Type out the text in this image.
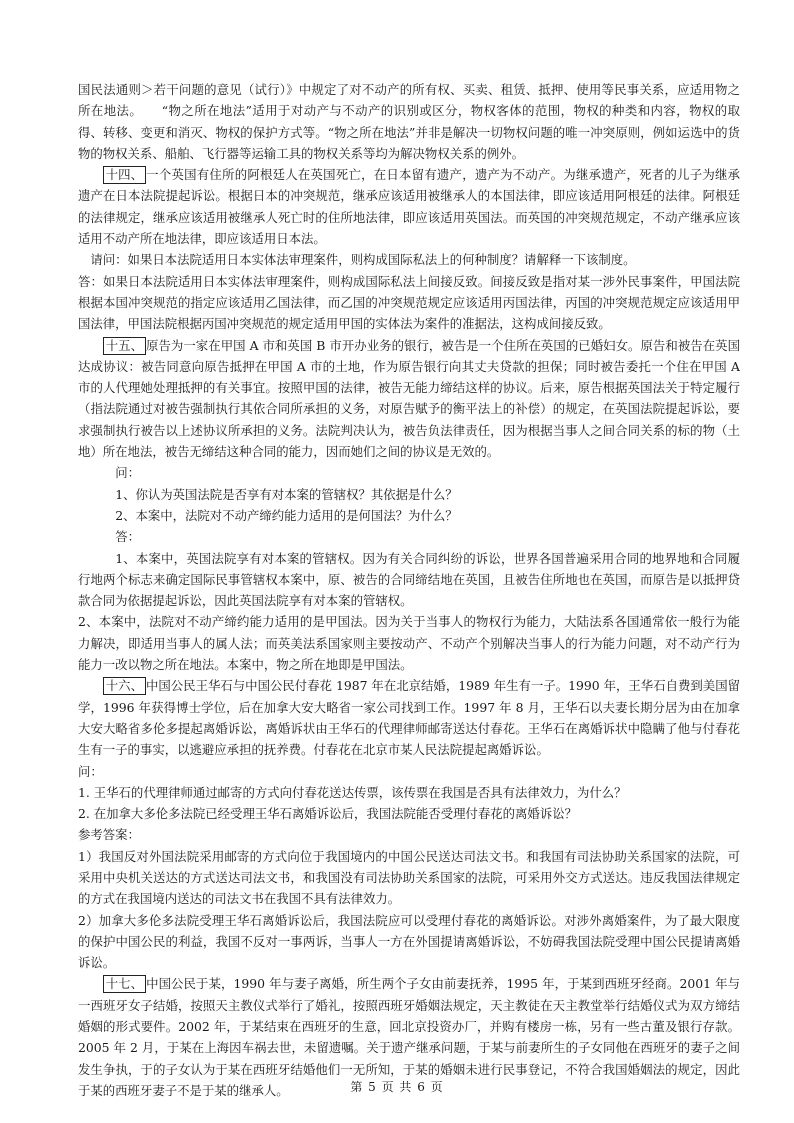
国民法通则＞若干问题的意见（试行）》中规定了对不动产的所有权、买卖、租赁、抵押、使用等民事关系，应适用物之所在地法。　　“物之所在地法”适用于对动产与不动产的识别或区分，物权客体的范围，物权的种类和内容，物权的取得、转移、变更和消灭、物权的保护方式等。“物之所在地法”并非是解决一切物权问题的唯一冲突原则，例如运选中的货物的物权关系、船舶、飞行器等运输工具的物权关系等均为解决物权关系的例外。

十四、 一个英国有住所的阿根廷人在英国死亡，在日本留有遗产，遗产为不动产。为继承遗产，死者的儿子为继承遗产在日本法院提起诉讼。根据日本的冲突规范，继承应该适用被继承人的本国法律，即应该适用阿根廷的法律。阿根廷的法律规定，继承应该适用被继承人死亡时的住所地法律，即应该适用英国法。而英国的冲突规范规定，不动产继承应该适用不动产所在地法律，即应该适用日本法。

请问：如果日本法院适用日本实体法审理案件，则构成国际私法上的何种制度？请解释一下该制度。

答：如果日本法院适用日本实体法审理案件，则构成国际私法上间接反致。间接反致是指对某一涉外民事案件，甲国法院根据本国冲突规范的指定应该适用乙国法律，而乙国的冲突规范规定应该适用丙国法律，丙国的冲突规范规定应该适用甲国法律，甲国法院根据丙国冲突规范的规定适用甲国的实体法为案件的准据法，这构成间接反致。

十五、 原告为一家在甲国 A 市和英国 B 市开办业务的银行，被告是一个住所在英国的已婚妇女。原告和被告在英国达成协议：被告同意向原告抵押在甲国 A 市的土地，作为原告银行向其丈夫贷款的担保；同时被告委托一个住在甲国 A 市的人代理她处理抵押的有关事宜。按照甲国的法律，被告无能力缔结这样的协议。后来，原告根据英国法关于特定履行（指法院通过对被告强制执行其依合同所承担的义务，对原告赋予的衡平法上的补偿）的规定，在英国法院提起诉讼，要求强制执行被告以上述协议所承担的义务。法院判决认为，被告负法律责任，因为根据当事人之间合同关系的标的物（土地）所在地法，被告无缔结这种合同的能力，因而她们之间的协议是无效的。

问：

1、你认为英国法院是否享有对本案的管辖权？其依据是什么？

2、本案中，法院对不动产缔约能力适用的是何国法？为什么？

答：

1、本案中，英国法院享有对本案的管辖权。因为有关合同纠纷的诉讼，世界各国普遍采用合同的地界地和合同履行地两个标志来确定国际民事管辖权本案中，原、被告的合同缔结地在英国，且被告住所地也在英国，而原告是以抵押贷款合同为依据提起诉讼，因此英国法院享有对本案的管辖权。

2、本案中，法院对不动产缔约能力适用的是甲国法。因为关于当事人的物权行为能力，大陆法系各国通常依一般行为能力解决，即适用当事人的属人法；而英美法系国家则主要按动产、不动产个别解决当事人的行为能力问题，对不动产行为能力一改以物之所在地法。本案中，物之所在地即是甲国法。

十六、 中国公民王华石与中国公民付春花 1987 年在北京结婚，1989 年生有一子。1990 年，王华石自费到美国留学，1996 年获得博士学位，后在加拿大安大略省一家公司找到工作。1997 年 8 月，王华石以夫妻长期分居为由在加拿大安大略省多伦多提起离婚诉讼，离婚诉状由王华石的代理律师邮寄送达付春花。王华石在离婚诉状中隐瞒了他与付春花生有一子的事实，以逃避应承担的抚养费。付春花在北京市某人民法院提起离婚诉讼。

问：

1. 王华石的代理律师通过邮寄的方式向付春花送达传票，该传票在我国是否具有法律效力，为什么？

2. 在加拿大多伦多法院已经受理王华石离婚诉讼后，我国法院能否受理付春花的离婚诉讼？

参考答案：

1）我国反对外国法院采用邮寄的方式向位于我国境内的中国公民送达司法文书。和我国有司法协助关系国家的法院，可采用中央机关送达的方式送达司法文书，和我国没有司法协助关系国家的法院，可采用外交方式送达。违反我国法律规定的方式在我国境内送达的司法文书在我国不具有法律效力。

2）加拿大多伦多法院受理王华石离婚诉讼后，我国法院应可以受理付春花的离婚诉讼。对涉外离婚案件，为了最大限度的保护中国公民的利益，我国不反对一事两诉，当事人一方在外国提请离婚诉讼，不妨碍我国法院受理中国公民提请离婚诉讼。

十七、 中国公民于某，1990 年与妻子离婚，所生两个子女由前妻抚养，1995 年，于某到西班牙经商。2001 年与一西班牙女子结婚，按照天主教仪式举行了婚礼，按照西班牙婚姻法规定，天主教徒在天主教堂举行结婚仪式为双方缔结婚姻的形式要件。2002 年，于某结束在西班牙的生意，回北京投资办厂，并购有楼房一栋，另有一些古董及银行存款。2005 年 2 月，于某在上海因车祸去世，未留遗嘱。关于遗产继承问题，于某与前妻所生的子女同他在西班牙的妻子之间发生争执，于的子女认为于某在西班牙结婚他们一无所知，于某的婚姻未进行民事登记，不符合我国婚姻法的规定，因此于某的西班牙妻子不是于某的继承人。	第 5 页 共 6 页
